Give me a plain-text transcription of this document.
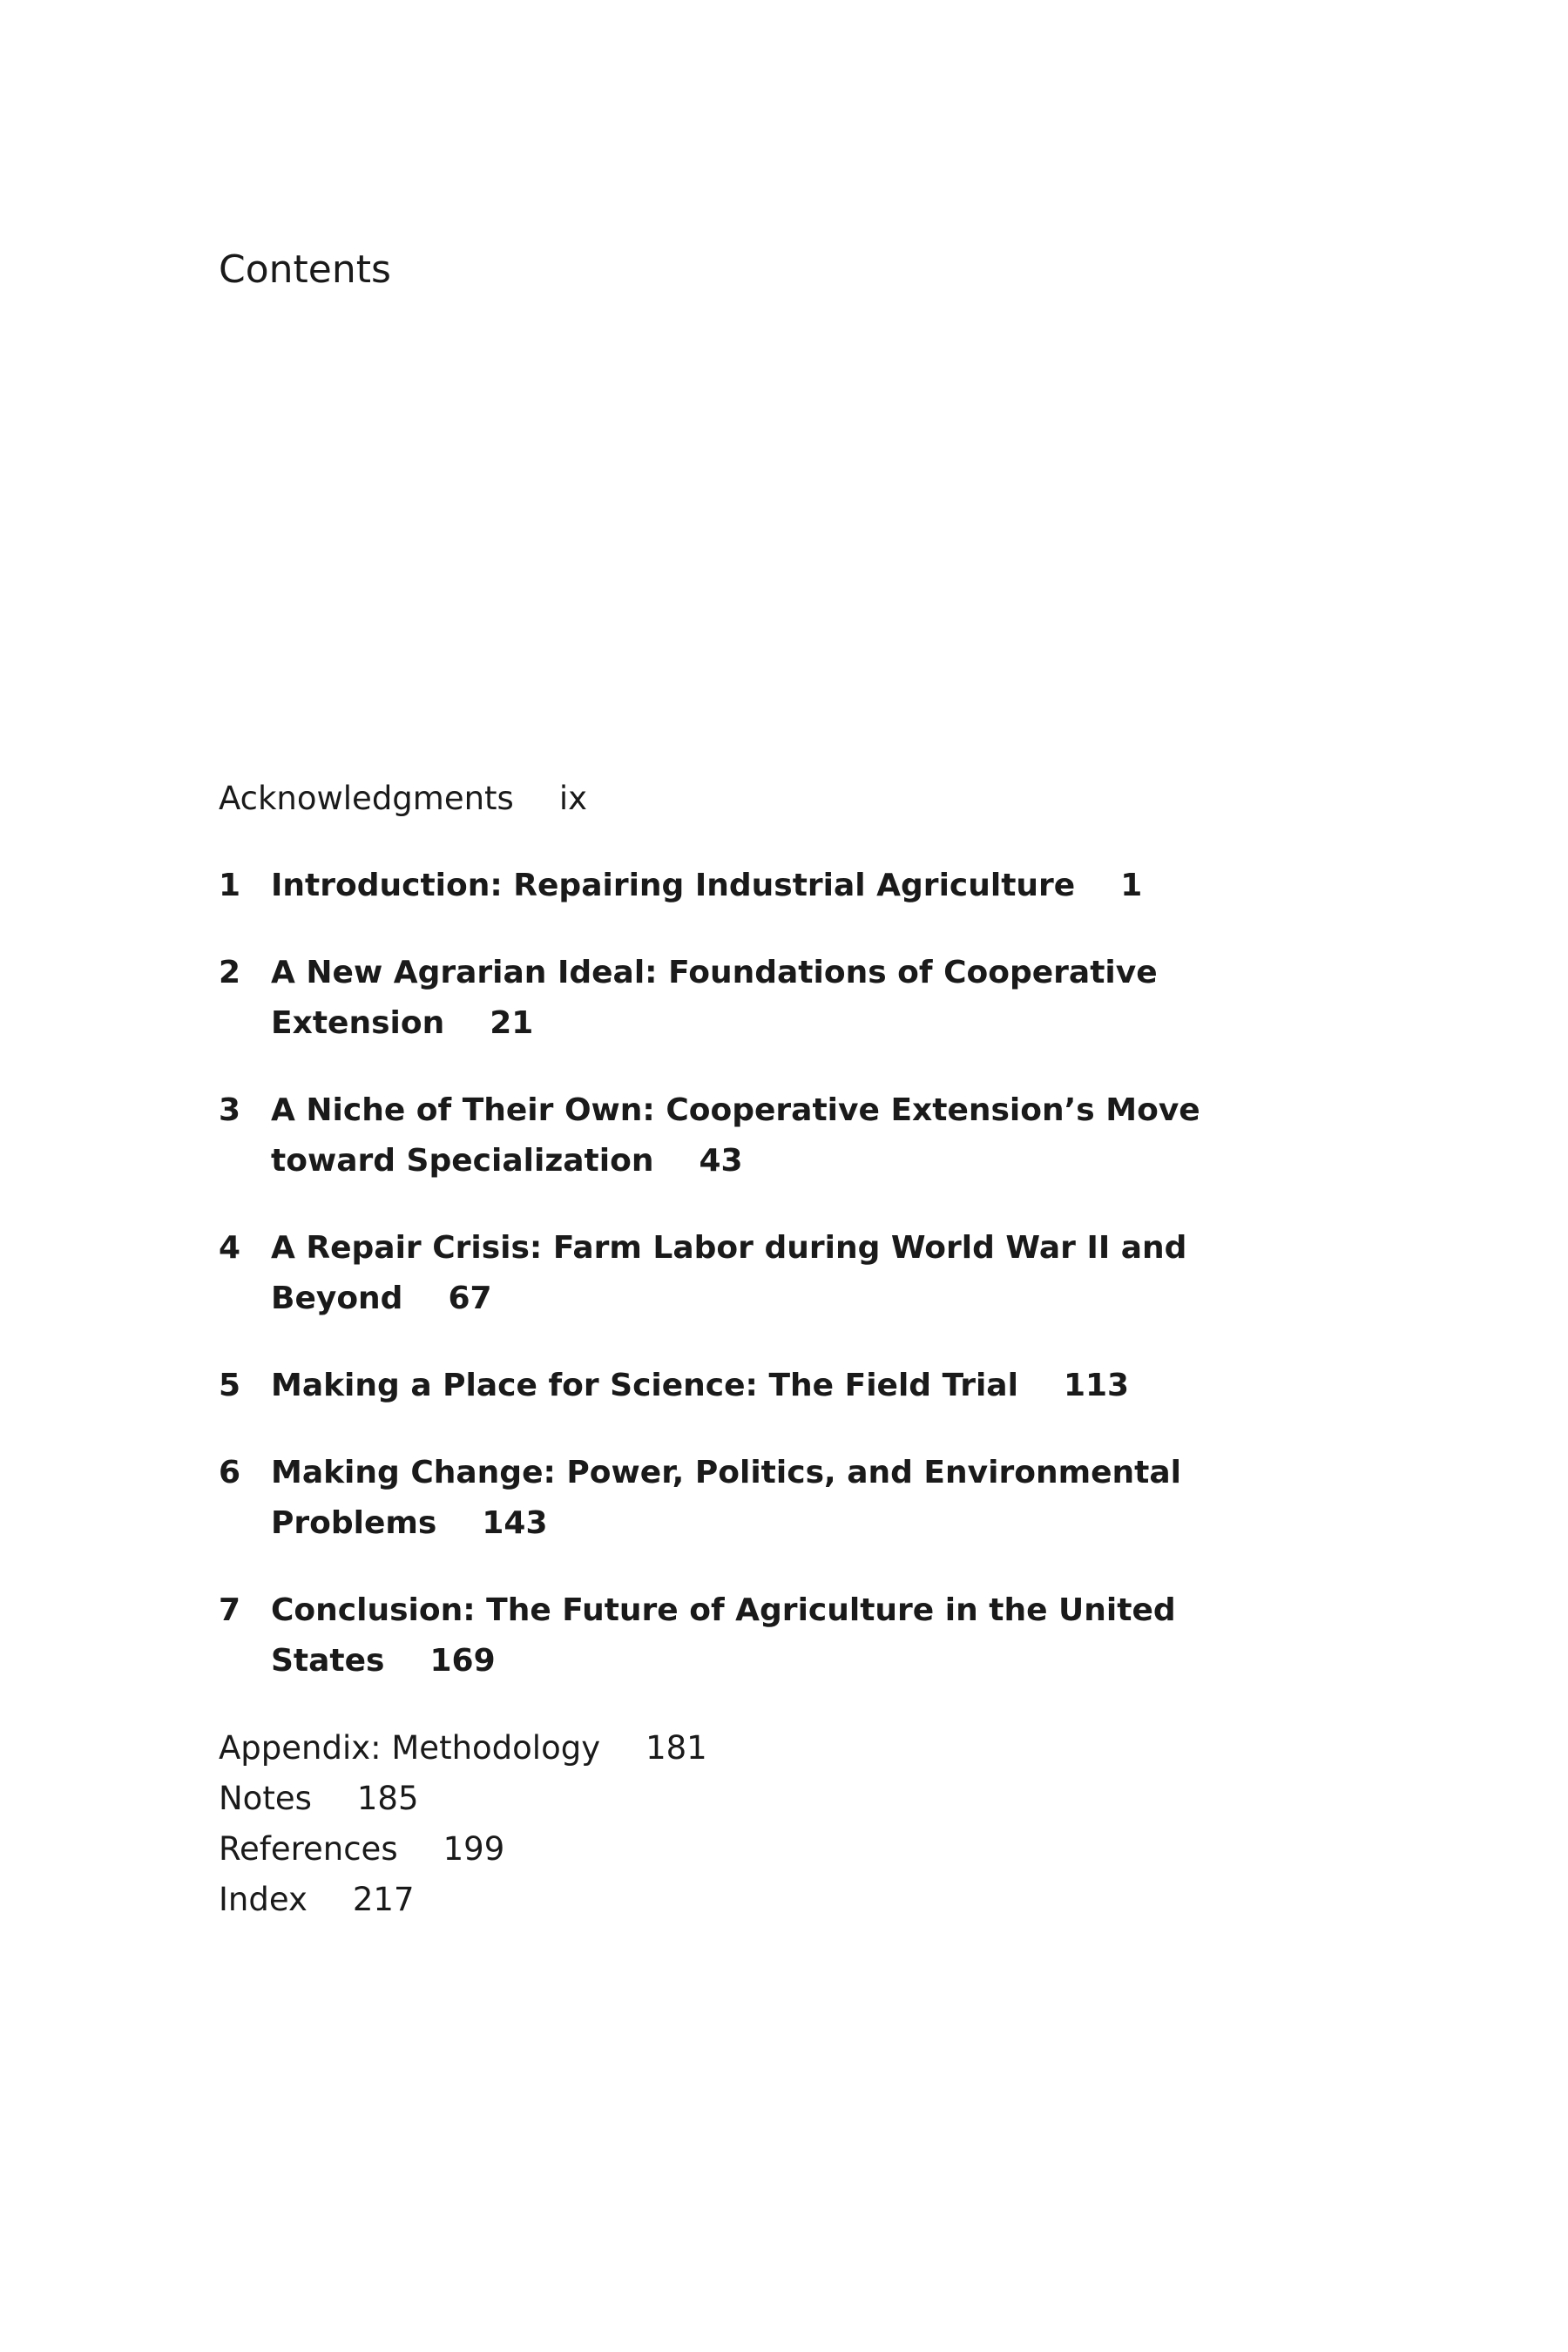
Contents
Acknowledgments ix
1 Introduction: Repairing Industrial Agriculture 1
2 A New Agrarian Ideal: Foundations of Cooperative Extension 21
3 A Niche of Their Own: Cooperative Extension’s Move toward Specialization 43
4 A Repair Crisis: Farm Labor during World War II and Beyond 67
5 Making a Place for Science: The Field Trial 113
6 Making Change: Power, Politics, and Environmental Problems 143
7 Conclusion: The Future of Agriculture in the United States 169
Appendix: Methodology 181
Notes 185
References 199
Index 217
